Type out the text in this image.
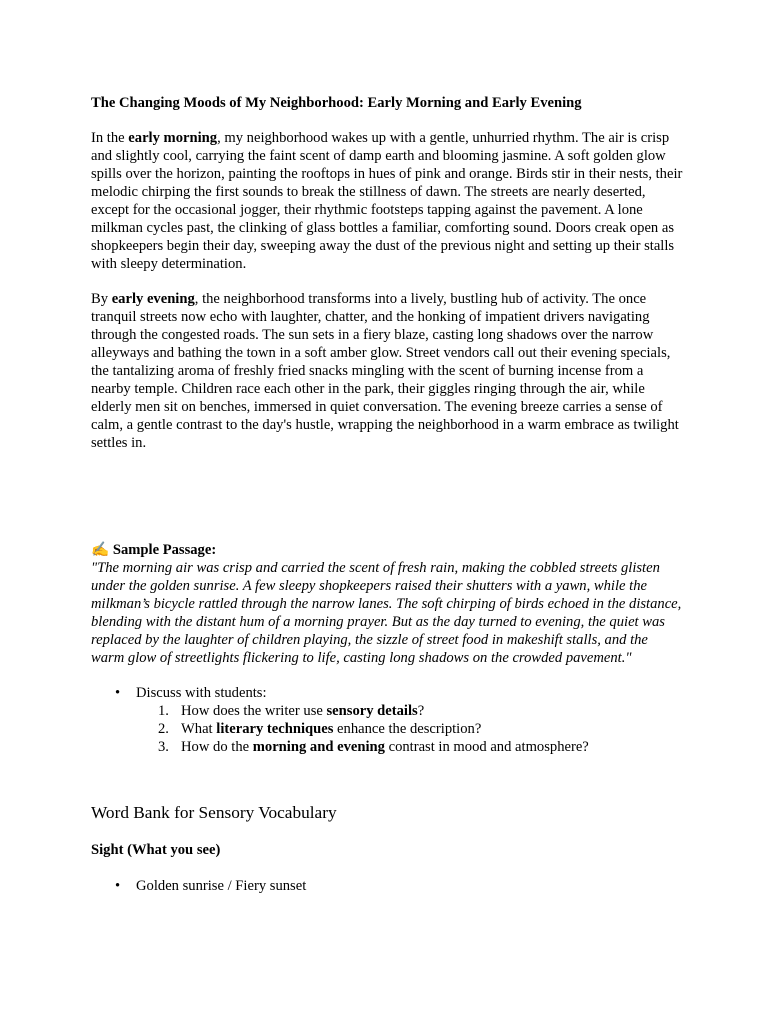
The Changing Moods of My Neighborhood: Early Morning and Early Evening

In the early morning, my neighborhood wakes up with a gentle, unhurried rhythm. The air is crisp and slightly cool, carrying the faint scent of damp earth and blooming jasmine. A soft golden glow spills over the horizon, painting the rooftops in hues of pink and orange. Birds stir in their nests, their melodic chirping the first sounds to break the stillness of dawn. The streets are nearly deserted, except for the occasional jogger, their rhythmic footsteps tapping against the pavement. A lone milkman cycles past, the clinking of glass bottles a familiar, comforting sound. Doors creak open as shopkeepers begin their day, sweeping away the dust of the previous night and setting up their stalls with sleepy determination.

By early evening, the neighborhood transforms into a lively, bustling hub of activity. The once tranquil streets now echo with laughter, chatter, and the honking of impatient drivers navigating through the congested roads. The sun sets in a fiery blaze, casting long shadows over the narrow alleyways and bathing the town in a soft amber glow. Street vendors call out their evening specials, the tantalizing aroma of freshly fried snacks mingling with the scent of burning incense from a nearby temple. Children race each other in the park, their giggles ringing through the air, while elderly men sit on benches, immersed in quiet conversation. The evening breeze carries a sense of calm, a gentle contrast to the day's hustle, wrapping the neighborhood in a warm embrace as twilight settles in.

✍ Sample Passage:

"The morning air was crisp and carried the scent of fresh rain, making the cobbled streets glisten under the golden sunrise. A few sleepy shopkeepers raised their shutters with a yawn, while the milkman’s bicycle rattled through the narrow lanes. The soft chirping of birds echoed in the distance, blending with the distant hum of a morning prayer. But as the day turned to evening, the quiet was replaced by the laughter of children playing, the sizzle of street food in makeshift stalls, and the warm glow of streetlights flickering to life, casting long shadows on the crowded pavement."

• Discuss with students:
1. How does the writer use sensory details?
2. What literary techniques enhance the description?
3. How do the morning and evening contrast in mood and atmosphere?

Word Bank for Sensory Vocabulary

Sight (What you see)

• Golden sunrise / Fiery sunset
